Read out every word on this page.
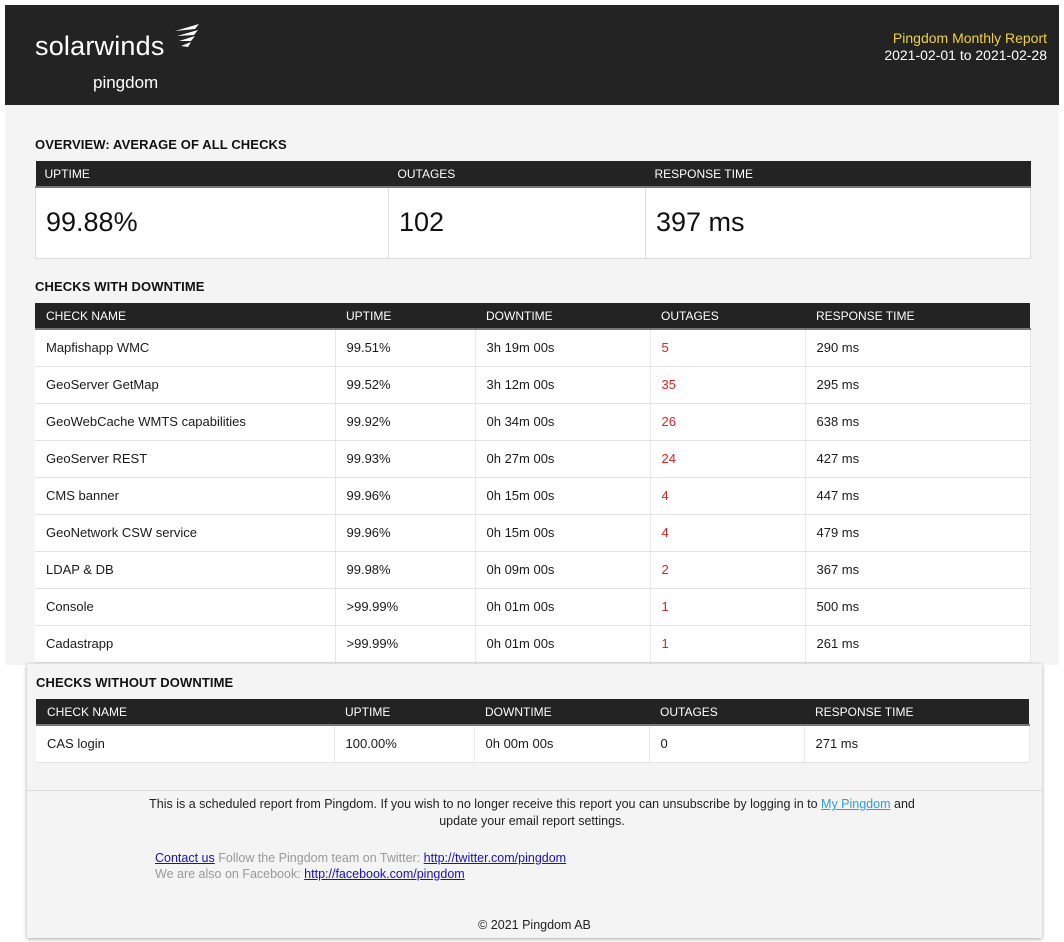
solarwinds
pingdom
Pingdom Monthly Report
2021-02-01 to 2021-02-28
OVERVIEW: AVERAGE OF ALL CHECKS
UPTIME	OUTAGES	RESPONSE TIME
99.88%	102	397 ms
CHECKS WITH DOWNTIME
CHECK NAME	UPTIME	DOWNTIME	OUTAGES	RESPONSE TIME
Mapfishapp WMC	99.51%	3h 19m 00s	5	290 ms
GeoServer GetMap	99.52%	3h 12m 00s	35	295 ms
GeoWebCache WMTS capabilities	99.92%	0h 34m 00s	26	638 ms
GeoServer REST	99.93%	0h 27m 00s	24	427 ms
CMS banner	99.96%	0h 15m 00s	4	447 ms
GeoNetwork CSW service	99.96%	0h 15m 00s	4	479 ms
LDAP & DB	99.98%	0h 09m 00s	2	367 ms
Console	>99.99%	0h 01m 00s	1	500 ms
Cadastrapp	>99.99%	0h 01m 00s	1	261 ms
CHECKS WITHOUT DOWNTIME
CHECK NAME	UPTIME	DOWNTIME	OUTAGES	RESPONSE TIME
CAS login	100.00%	0h 00m 00s	0	271 ms
This is a scheduled report from Pingdom. If you wish to no longer receive this report you can unsubscribe by logging in to My Pingdom and update your email report settings.
Contact us Follow the Pingdom team on Twitter: http://twitter.com/pingdom
We are also on Facebook: http://facebook.com/pingdom
© 2021 Pingdom AB
